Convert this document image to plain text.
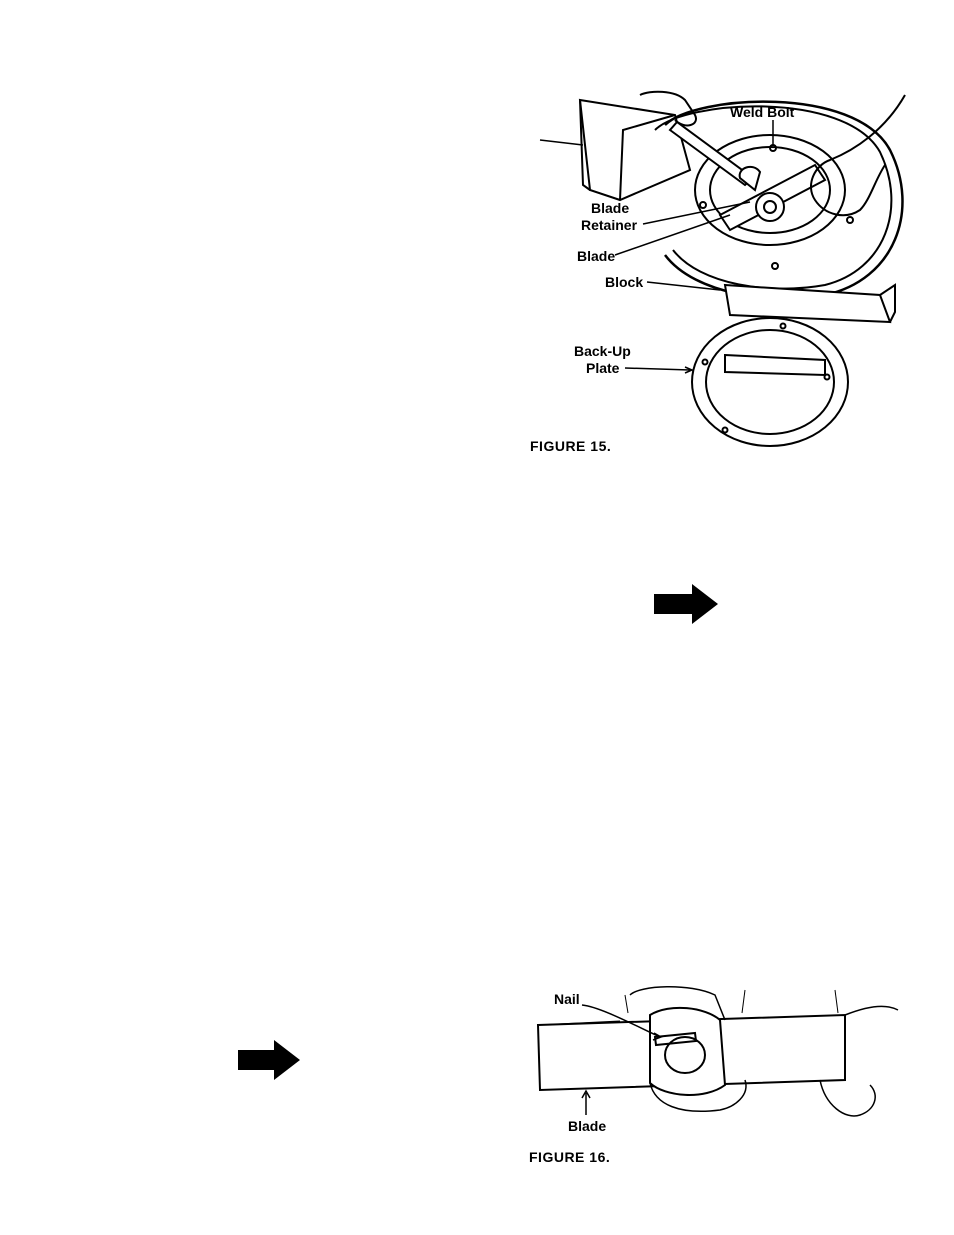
Weld Bolt
Blade
Retainer
Blade
Block
Back-Up
Plate
FIGURE 15.
Nail
Blade
FIGURE 16.
